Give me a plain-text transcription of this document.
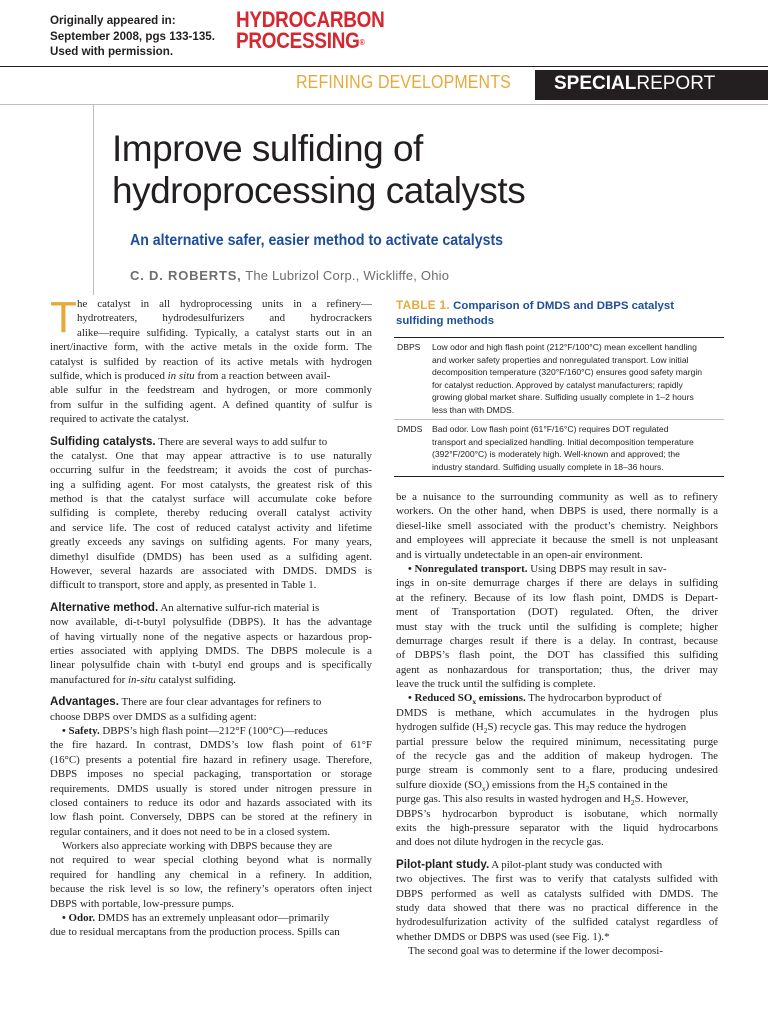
Originally appeared in:
September 2008, pgs 133-135.
Used with permission.
HYDROCARBON
PROCESSING®
REFINING DEVELOPMENTS SPECIALREPORT
Improve sulfiding of
hydroprocessing catalysts
An alternative safer, easier method to activate catalysts
C. D. ROBERTS, The Lubrizol Corp., Wickliffe, Ohio
T he catalyst in all hydroprocessing units in a refinery—
hydrotreaters, hydrodesulfurizers and hydrocrackers
alike—require sulfiding. Typically, a catalyst starts out in an
inert/inactive form, with the active metals in the oxide form. The
catalyst is sulfided by reaction of its active metals with hydrogen
sulfide, which is produced in situ from a reaction between avail-
able sulfur in the feedstream and hydrogen, or more commonly
from sulfur in the sulfiding agent. A defined quantity of sulfur is
required to activate the catalyst.
Sulfiding catalysts. There are several ways to add sulfur to
the catalyst. One that may appear attractive is to use naturally
occurring sulfur in the feedstream; it avoids the cost of purchas-
ing a sulfiding agent. For most catalysts, the greatest risk of this
method is that the catalyst surface will accumulate coke before
sulfiding is complete, thereby reducing overall catalyst activity
and service life. The cost of reduced catalyst activity and lifetime
greatly exceeds any savings on sulfiding agents. For many years,
dimethyl disulfide (DMDS) has been used as a sulfiding agent.
However, several hazards are associated with DMDS. DMDS is
difficult to transport, store and apply, as presented in Table 1.
Alternative method. An alternative sulfur-rich material is
now available, di-t-butyl polysulfide (DBPS). It has the advantage
of having virtually none of the negative aspects or hazardous prop-
erties associated with applying DMDS. The DBPS molecule is a
linear polysulfide chain with t-butyl end groups and is specifically
manufactured for in-situ catalyst sulfiding.
Advantages. There are four clear advantages for refiners to
choose DBPS over DMDS as a sulfiding agent:
• Safety. DBPS’s high flash point—212°F (100°C)—reduces
the fire hazard. In contrast, DMDS’s low flash point of 61°F
(16°C) presents a potential fire hazard in refinery usage. Therefore,
DBPS imposes no special packaging, transportation or storage
requirements. DMDS usually is stored under nitrogen pressure in
closed containers to reduce its odor and hazards associated with its
low flash point. Conversely, DBPS can be stored at the refinery in
regular containers, and it does not need to be in a closed system.
Workers also appreciate working with DBPS because they are
not required to wear special clothing beyond what is normally
required for handling any chemical in a refinery. In addition,
because the risk level is so low, the refinery’s operators often inject
DBPS with portable, low-pressure pumps.
• Odor. DMDS has an extremely unpleasant odor—primarily
due to residual mercaptans from the production process. Spills can
TABLE 1. Comparison of DMDS and DBPS catalyst
sulfiding methods
DBPS Low odor and high flash point (212°F/100°C) mean excellent handling
and worker safety properties and nonregulated transport. Low initial
decomposition temperature (320°F/160°C) ensures good safety margin
for catalyst reduction. Approved by catalyst manufacturers; rapidly
growing global market share. Sulfiding usually complete in 1–2 hours
less than with DMDS.
DMDS Bad odor. Low flash point (61°F/16°C) requires DOT regulated
transport and specialized handling. Initial decomposition temperature
(392°F/200°C) is moderately high. Well-known and approved; the
industry standard. Sulfiding usually complete in 18–36 hours.
be a nuisance to the surrounding community as well as to refinery
workers. On the other hand, when DBPS is used, there normally is a
diesel-like smell associated with the product’s chemistry. Neighbors
and employees will appreciate it because the smell is not unpleasant
and is virtually undetectable in an open-air environment.
• Nonregulated transport. Using DBPS may result in sav-
ings in on-site demurrage charges if there are delays in sulfiding
at the refinery. Because of its low flash point, DMDS is Depart-
ment of Transportation (DOT) regulated. Often, the driver
must stay with the truck until the sulfiding is complete; higher
demurrage charges result if there is a delay. In contrast, because
of DBPS’s flash point, the DOT has classified this sulfiding
agent as nonhazardous for transportation; thus, the driver may
leave the truck until the sulfiding is complete.
• Reduced $SO_x$ emissions. The hydrocarbon byproduct of
DMDS is methane, which accumulates in the hydrogen plus
hydrogen sulfide $(H_2S)$ recycle gas. This may reduce the hydrogen
partial pressure below the required minimum, necessitating purge
of the recycle gas and the addition of makeup hydrogen. The
purge stream is commonly sent to a flare, producing undesired
sulfure dioxide $(SO_x)$ emissions from the $H_2S$ contained in the
purge gas. This also results in wasted hydrogen and $H_2S$. However,
DBPS’s hydrocarbon byproduct is isobutane, which normally
exits the high-pressure separator with the liquid hydrocarbons
and does not dilute hydrogen in the recycle gas.
Pilot-plant study. A pilot-plant study was conducted with
two objectives. The first was to verify that catalysts sulfided with
DBPS performed as well as catalysts sulfided with DMDS. The
study data showed that there was no practical difference in the
hydrodesulfurization activity of the sulfided catalyst regardless of
whether DMDS or DBPS was used (see Fig. 1).*
The second goal was to determine if the lower decomposi-
